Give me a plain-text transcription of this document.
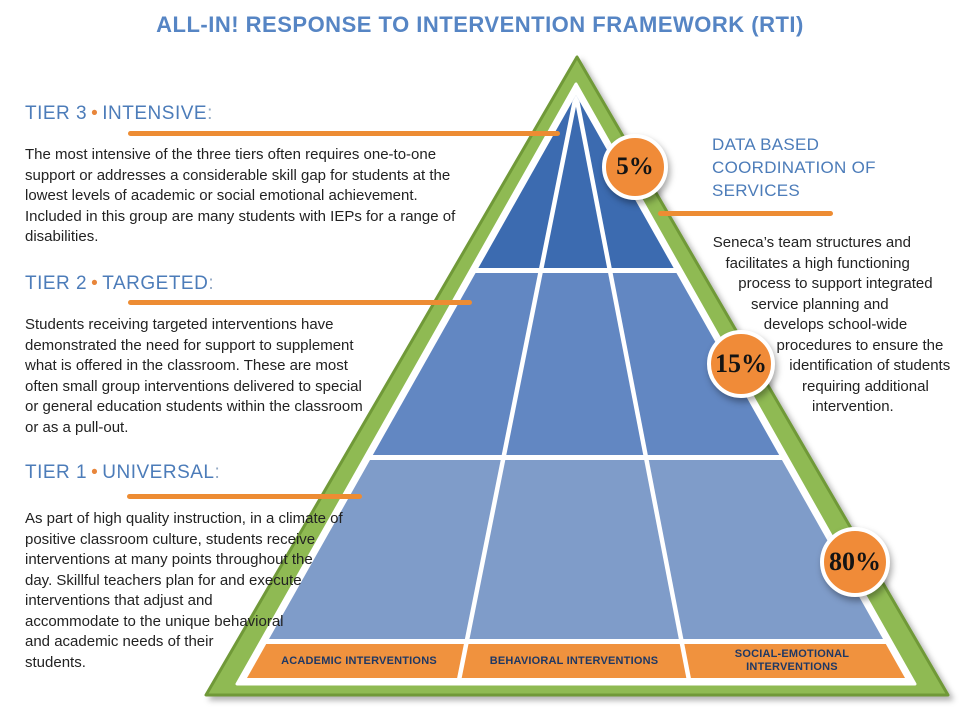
ALL-IN! RESPONSE TO INTERVENTION FRAMEWORK (RTI)
TIER 3 • INTENSIVE:

The most intensive of the three tiers often requires one-to-one support or addresses a considerable skill gap for students at the lowest levels of academic or social emotional achievement. Included in this group are many students with IEPs for a range of disabilities.

TIER 2 • TARGETED:

Students receiving targeted interventions have demonstrated the need for support to supplement what is offered in the classroom. These are most often small group interventions delivered to special or general education students within the classroom or as a pull-out.

TIER 1 • UNIVERSAL:

As part of high quality instruction, in a climate of positive classroom culture, students receive interventions at many points throughout the day. Skillful teachers plan for and execute interventions that adjust and accommodate to the unique behavioral and academic needs of their students.

DATA BASED COORDINATION OF SERVICES

Seneca’s team structures and facilitates a high functioning process to support integrated service planning and develops school-wide procedures to ensure the identification of students requiring additional intervention.

5%
15%
80%
ACADEMIC INTERVENTIONS	BEHAVIORAL INTERVENTIONS
SOCIAL-EMOTIONAL INTERVENTIONS
